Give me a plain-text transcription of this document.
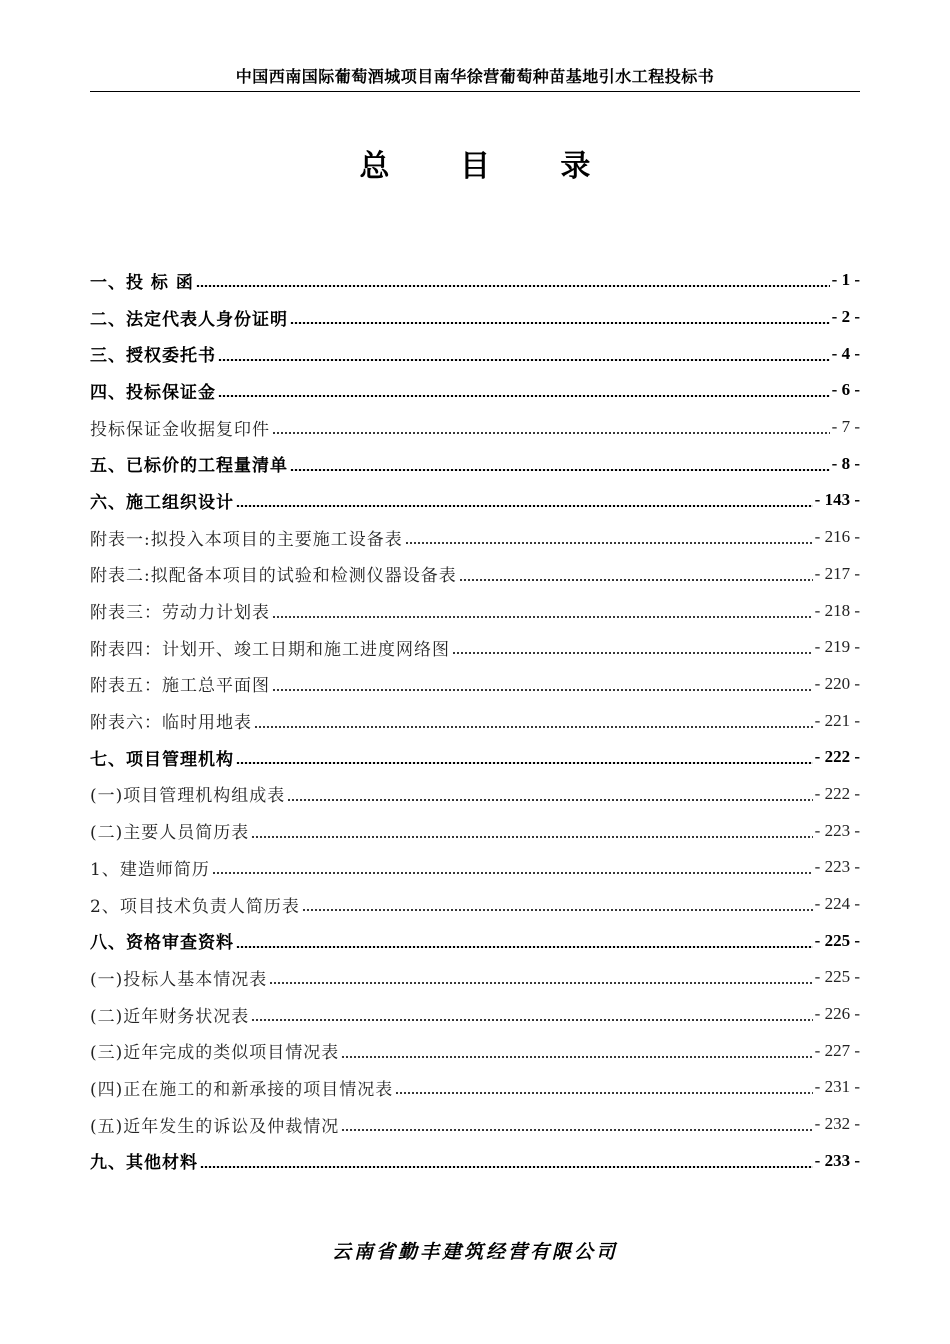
中国西南国际葡萄酒城项目南华徐营葡萄种苗基地引水工程投标书
总 目 录
一、投 标 函	- 1 -
二、法定代表人身份证明	- 2 -
三、授权委托书	- 4 -
四、投标保证金	- 6 -
投标保证金收据复印件	- 7 -
五、已标价的工程量清单	- 8 -
六、施工组织设计	- 143 -
附表一:拟投入本项目的主要施工设备表	- 216 -
附表二:拟配备本项目的试验和检测仪器设备表	- 217 -
附表三：劳动力计划表	- 218 -
附表四：计划开、竣工日期和施工进度网络图	- 219 -
附表五：施工总平面图	- 220 -
附表六：临时用地表	- 221 -
七、项目管理机构	- 222 -
(一)项目管理机构组成表	- 222 -
(二)主要人员简历表	- 223 -
1、建造师简历	- 223 -
2、项目技术负责人简历表	- 224 -
八、资格审查资料	- 225 -
(一)投标人基本情况表	- 225 -
(二)近年财务状况表	- 226 -
(三)近年完成的类似项目情况表	- 227 -
(四)正在施工的和新承接的项目情况表	- 231 -
(五)近年发生的诉讼及仲裁情况	- 232 -
九、其他材料	- 233 -
云南省勤丰建筑经营有限公司
